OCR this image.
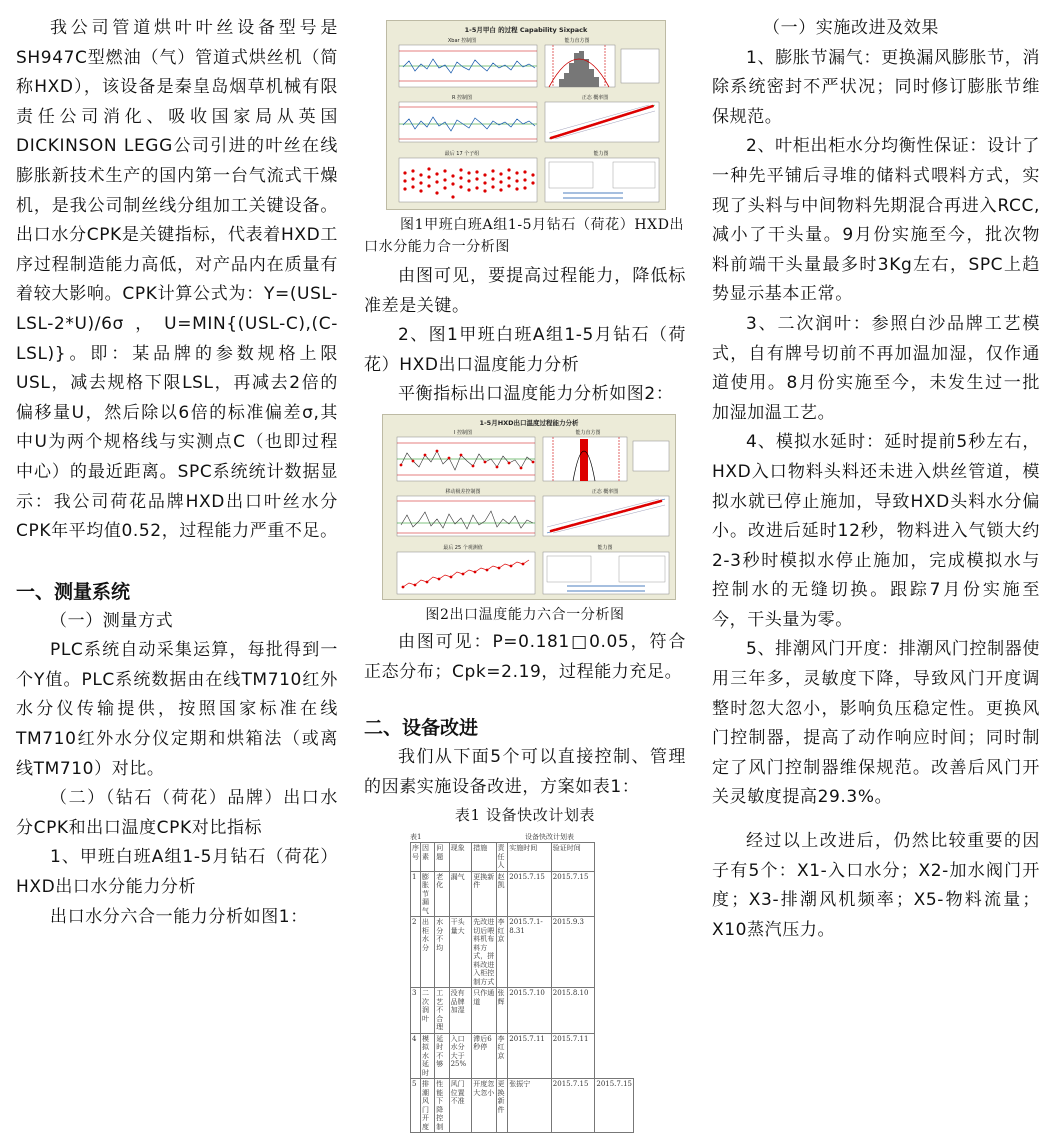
我公司管道烘叶叶丝设备型号是SH947C型燃油（气）管道式烘丝机（简称HXD），该设备是秦皇岛烟草机械有限责任公司消化、吸收国家局从英国DICKINSON LEGG公司引进的叶丝在线膨胀新技术生产的国内第一台气流式干燥机，是我公司制丝线分组加工关键设备。出口水分CPK是关键指标，代表着HXD工序过程制造能力高低，对产品内在质量有着较大影响。CPK计算公式为：Y=(USL-LSL-2*U)/6σ，U=MIN{(USL-C),(C-LSL)}。即：某品牌的参数规格上限USL，减去规格下限LSL，再减去2倍的偏移量U，然后除以6倍的标准偏差σ,其中U为两个规格线与实测点C（也即过程中心）的最近距离。SPC系统统计数据显示：我公司荷花品牌HXD出口叶丝水分CPK年平均值0.52，过程能力严重不足。

一、测量系统

（一）测量方式

PLC系统自动采集运算，每批得到一个Y值。PLC系统数据由在线TM710红外水分仪传输提供，按照国家标准在线TM710红外水分仪定期和烘箱法（或离线TM710）对比。

（二）（钻石（荷花）品牌）出口水分CPK和出口温度CPK对比指标

1、甲班白班A组1-5月钻石（荷花）HXD出口水分能力分析

出口水分六合一能力分析如图1：

1-5月甲白 的过程 Capability Sixpack
Xbar 控制图	能力直方图
R 控制图	正态 概率图
最后 17 个子组	能力图

图1甲班白班A组1-5月钻石（荷花）HXD出口水分能力合一分析图

由图可见，要提高过程能力，降低标准差是关键。

2、图1甲班白班A组1-5月钻石（荷花）HXD出口温度能力分析

平衡指标出口温度能力分析如图2：

1-5月HXD出口温度过程能力分析
I 控制图	能力直方图
移动极差控制图	正态 概率图
最后 25 个观测值	能力图

图2出口温度能力六合一分析图

由图可见：P=0.181□0.05，符合正态分布；Cpk=2.19，过程能力充足。

二、设备改进

我们从下面5个可以直接控制、管理的因素实施设备改进，方案如表1：

表1 设备快改计划表

表1	设备快改计划表
序号	因素	问题	现象	措施	责任人	实施时间	验证时间	
1	膨胀节漏气	老化	漏气	更换新件	赵凯	2015.7.15	2015.7.15	
2	出柜水分	水分不均	干头量大	先改进切后喂料机布料方式，拼料改进入柜控制方式	李红京	2015.7.1-8.31	2015.9.3	
3	二次润叶	工艺不合理	没有品牌加湿	只作通道	张辉	2015.7.10	2015.8.10	
4	模拟水延时	延时不够	入口水分大于25%	滞后6秒停	李红京	2015.7.11	2015.7.11	
5	排潮风门开度	性能下降控制	风门位置不准	开度忽大忽小	更换新件	张振宁	2015.7.15	2015.7.15

（一）实施改进及效果

1、膨胀节漏气：更换漏风膨胀节，消除系统密封不严状况；同时修订膨胀节维保规范。

2、叶柜出柜水分均衡性保证：设计了一种先平铺后寻堆的储料式喂料方式，实现了头料与中间物料先期混合再进入RCC,减小了干头量。9月份实施至今，批次物料前端干头量最多时3Kg左右，SPC上趋势显示基本正常。

3、二次润叶：参照白沙品牌工艺模式，自有牌号切前不再加温加湿，仅作通道使用。8月份实施至今，未发生过一批加湿加温工艺。

4、模拟水延时：延时提前5秒左右，HXD入口物料头料还未进入烘丝管道，模拟水就已停止施加，导致HXD头料水分偏小。改进后延时12秒，物料进入气锁大约2-3秒时模拟水停止施加，完成模拟水与控制水的无缝切换。跟踪7月份实施至今，干头量为零。

5、排潮风门开度：排潮风门控制器使用三年多，灵敏度下降，导致风门开度调整时忽大忽小，影响负压稳定性。更换风门控制器，提高了动作响应时间；同时制定了风门控制器维保规范。改善后风门开关灵敏度提高29.3%。

经过以上改进后，仍然比较重要的因子有5个：X1-入口水分；X2-加水阀门开度；X3-排潮风机频率；X5-物料流量；X10蒸汽压力。
